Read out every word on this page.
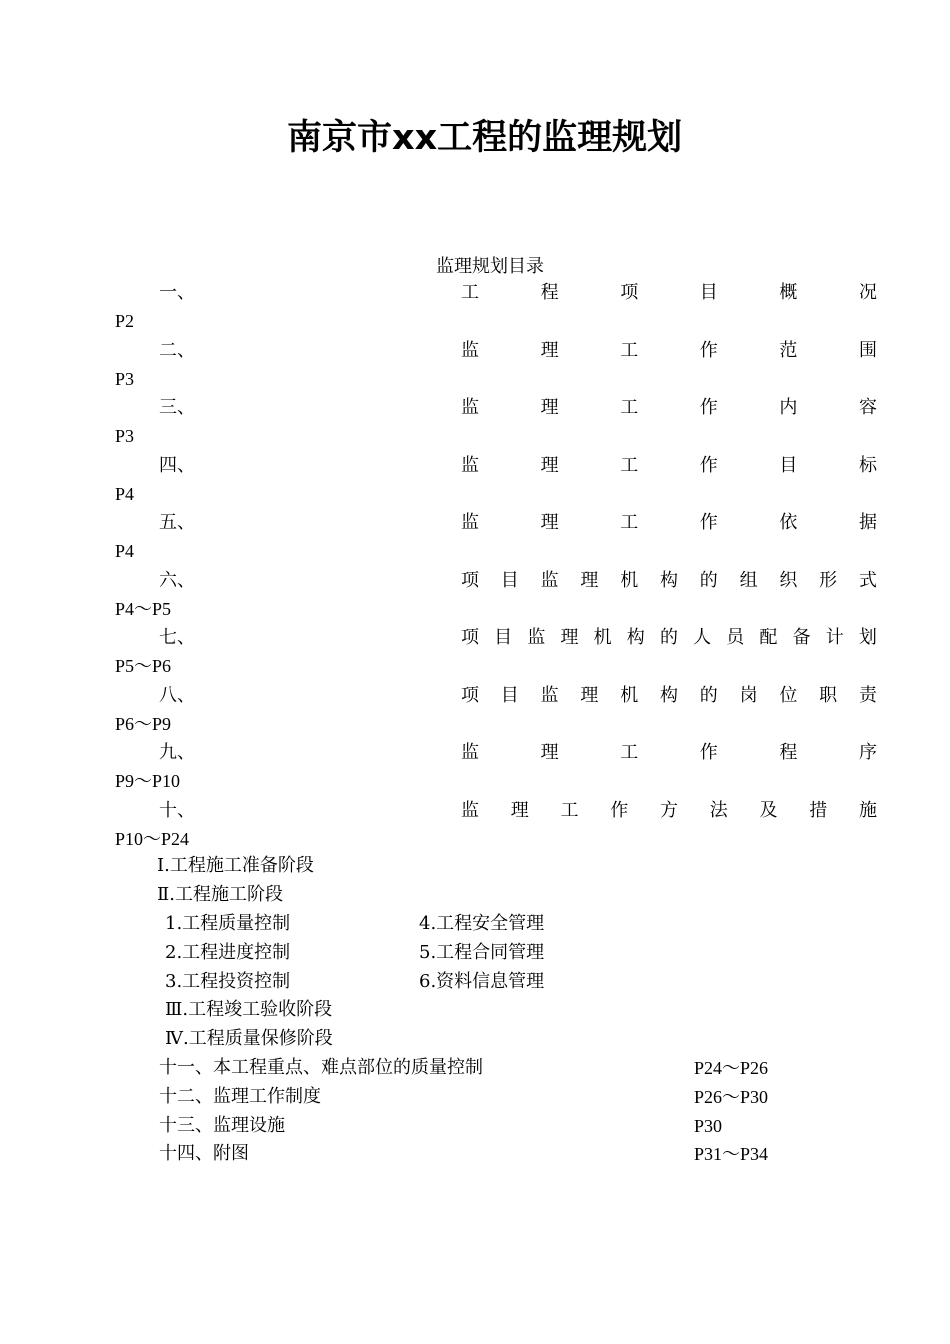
南京市xx工程的监理规划
监理规划目录
一、	工	程	项	目	概	况
P2
二、	监	理	工	作	范	围
P3
三、	监	理	工	作	内	容
P3
四、	监	理	工	作	目	标
P4
五、	监	理	工	作	依	据
P4
六、	项 目 监 理 机 构 的 组 织 形 式
P4～P5
七、	项 目 监 理 机 构 的 人 员 配 备 计 划
P5～P6
八、	项 目 监 理 机 构 的 岗 位 职 责
P6～P9
九、	监	理	工	作	程	序
P9～P10
十、	监 理 工 作 方 法 及 措 施
P10～P24
Ⅰ.工程施工准备阶段
Ⅱ.工程施工阶段
1.工程质量控制	4.工程安全管理
2.工程进度控制	5.工程合同管理
3.工程投资控制	6.资料信息管理
Ⅲ.工程竣工验收阶段
Ⅳ.工程质量保修阶段
十一、本工程重点、难点部位的质量控制	P24～P26
十二、监理工作制度	P26～P30
十三、监理设施	P30
十四、附图	P31～P34
